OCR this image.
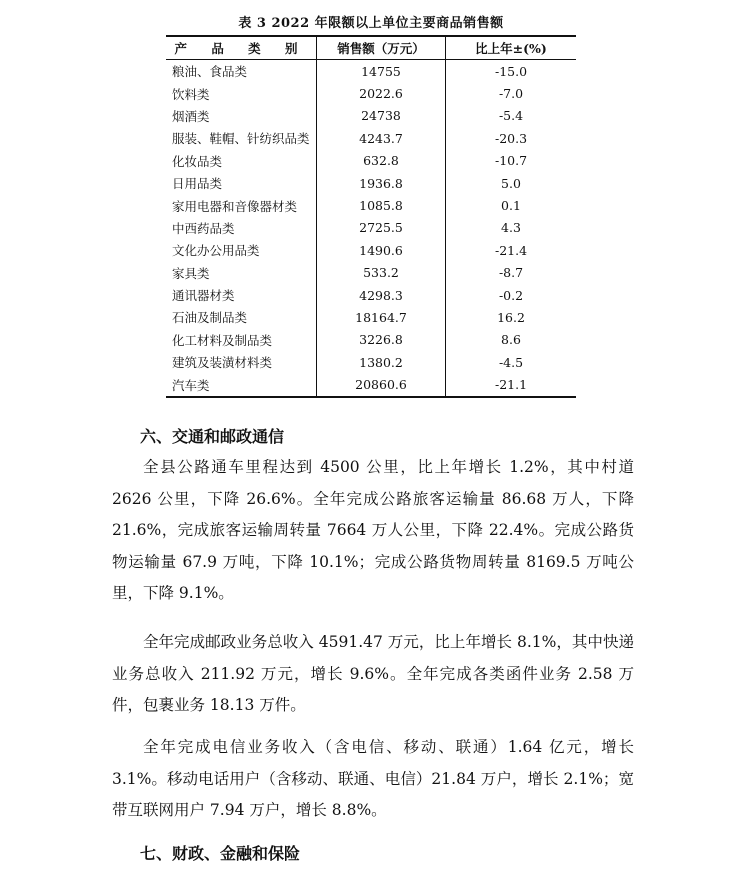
表 3 2022 年限额以上单位主要商品销售额
产 品 类 别	销售额（万元）	比上年±(%)
粮油、食品类	14755	-15.0
饮料类	2022.6	-7.0
烟酒类	24738	-5.4
服装、鞋帽、针纺织品类	4243.7	-20.3
化妆品类	632.8	-10.7
日用品类	1936.8	5.0
家用电器和音像器材类	1085.8	0.1
中西药品类	2725.5	4.3
文化办公用品类	1490.6	-21.4
家具类	533.2	-8.7
通讯器材类	4298.3	-0.2
石油及制品类	18164.7	16.2
化工材料及制品类	3226.8	8.6
建筑及装潢材料类	1380.2	-4.5
汽车类	20860.6	-21.1
六、交通和邮政通信

全县公路通车里程达到 4500 公里，比上年增长 1.2%，其中村道 2626 公里，下降 26.6%。全年完成公路旅客运输量 86.68 万人，下降 21.6%，完成旅客运输周转量 7664 万人公里，下降 22.4%。完成公路货物运输量 67.9 万吨，下降 10.1%；完成公路货物周转量 8169.5 万吨公里，下降 9.1%。

全年完成邮政业务总收入 4591.47 万元，比上年增长 8.1%，其中快递业务总收入 211.92 万元，增长 9.6%。全年完成各类函件业务 2.58 万件，包裹业务 18.13 万件。

全年完成电信业务收入（含电信、移动、联通）1.64 亿元，增长 3.1%。移动电话用户（含移动、联通、电信）21.84 万户，增长 2.1%；宽带互联网用户 7.94 万户，增长 8.8%。

七、财政、金融和保险
